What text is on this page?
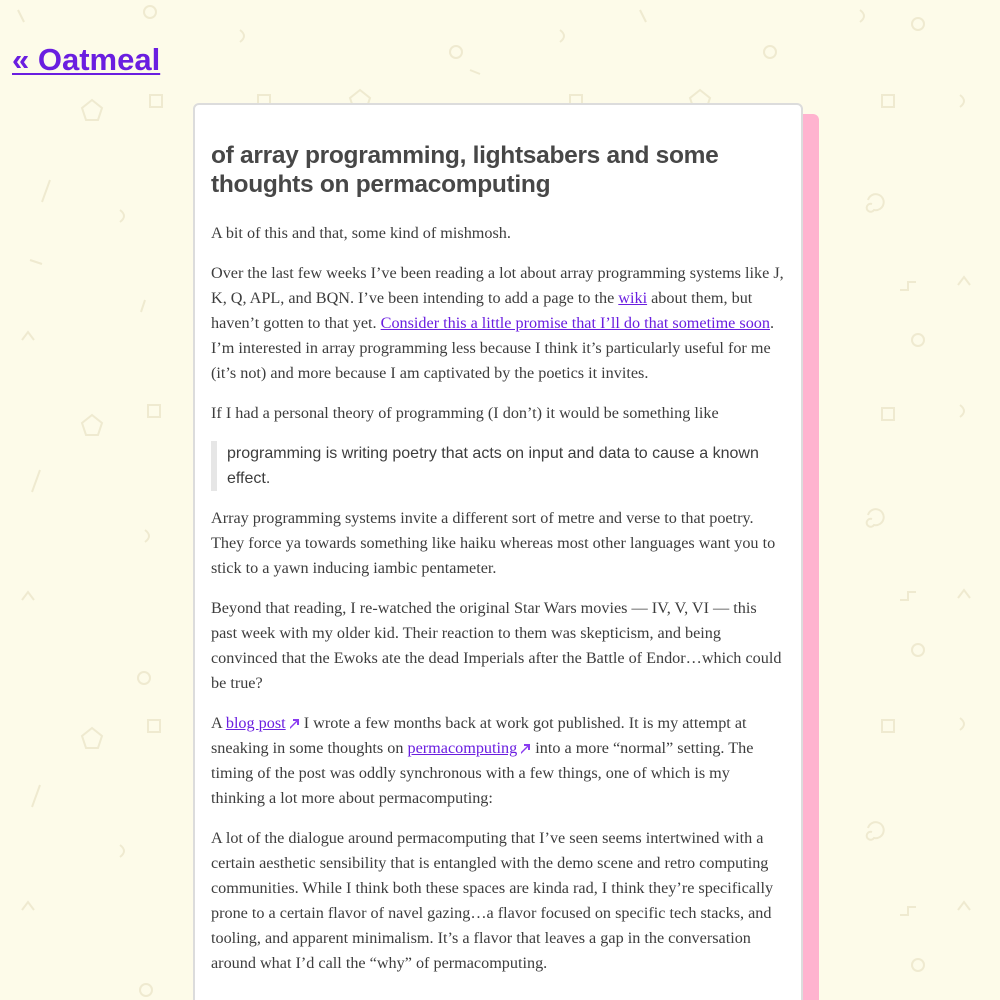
« Oatmeal
of array programming, lightsabers and some thoughts on permacomputing

A bit of this and that, some kind of mishmosh.

Over the last few weeks I’ve been reading a lot about array programming systems like J, K, Q, APL, and BQN. I’ve been intending to add a page to the wiki about them, but haven’t gotten to that yet. Consider this a little promise that I’ll do that sometime soon. I’m interested in array programming less because I think it’s particularly useful for me (it’s not) and more because I am captivated by the poetics it invites.

If I had a personal theory of programming (I don’t) it would be something like

programming is writing poetry that acts on input and data to cause a known effect.

Array programming systems invite a different sort of metre and verse to that poetry. They force ya towards something like haiku whereas most other languages want you to stick to a yawn inducing iambic pentameter.

Beyond that reading, I re-watched the original Star Wars movies — IV, V, VI — this past week with my older kid. Their reaction to them was skepticism, and being convinced that the Ewoks ate the dead Imperials after the Battle of Endor…which could be true?

A blog post I wrote a few months back at work got published. It is my attempt at sneaking in some thoughts on permacomputing into a more “normal” setting. The timing of the post was oddly synchronous with a few things, one of which is my thinking a lot more about permacomputing:

A lot of the dialogue around permacomputing that I’ve seen seems intertwined with a certain aesthetic sensibility that is entangled with the demo scene and retro computing communities. While I think both these spaces are kinda rad, I think they’re specifically prone to a certain flavor of navel gazing…a flavor focused on specific tech stacks, and tooling, and apparent minimalism. It’s a flavor that leaves a gap in the conversation around what I’d call the “why” of permacomputing.
